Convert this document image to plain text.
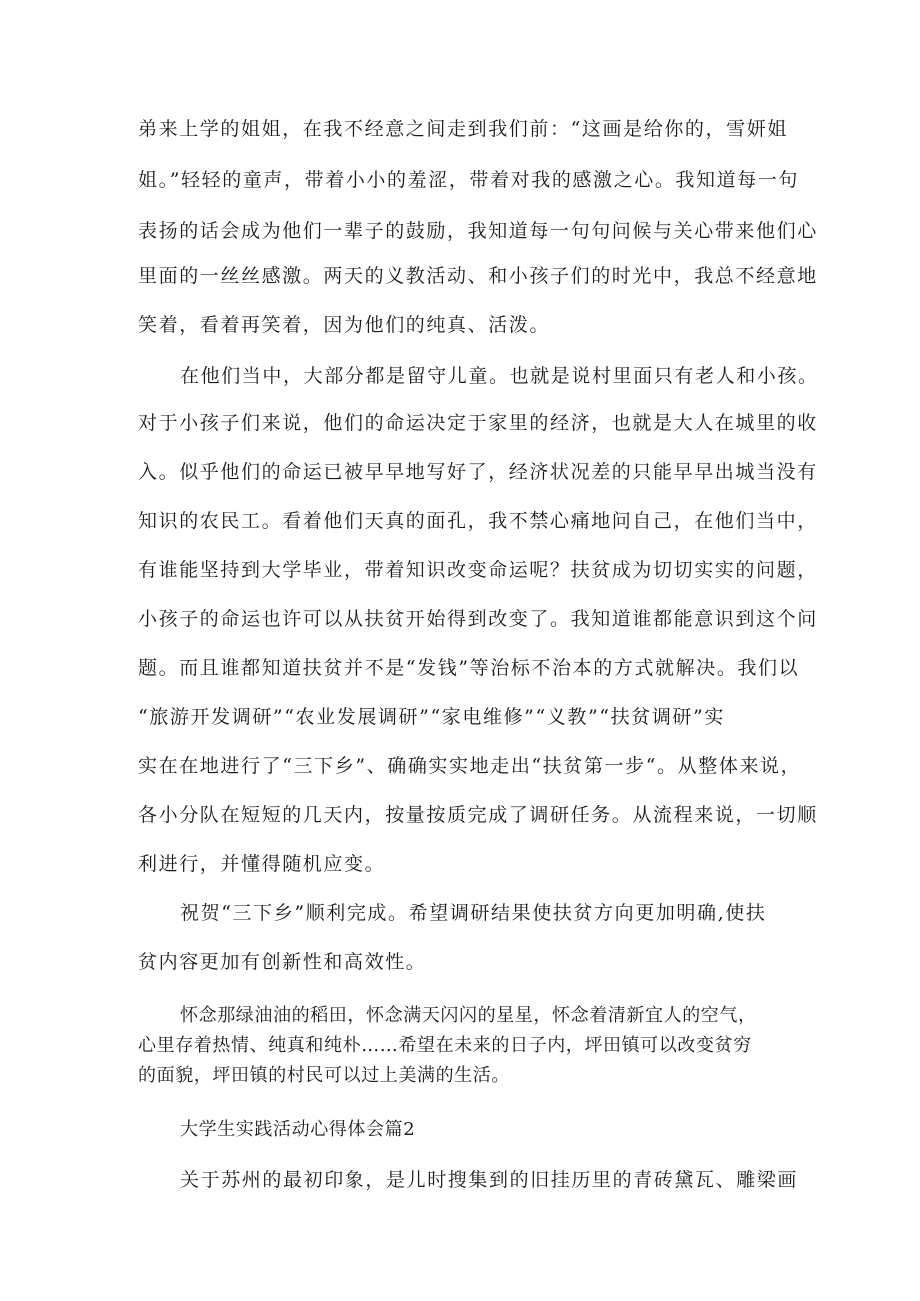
弟来上学的姐姐，在我不经意之间走到我们前：“这画是给你的，雪妍姐
姐。”轻轻的童声，带着小小的羞涩，带着对我的感激之心。我知道每一句
表扬的话会成为他们一辈子的鼓励，我知道每一句句问候与关心带来他们心
里面的一丝丝感激。两天的义教活动、和小孩子们的时光中，我总不经意地
笑着，看着再笑着，因为他们的纯真、活泼。
在他们当中，大部分都是留守儿童。也就是说村里面只有老人和小孩。
对于小孩子们来说，他们的命运决定于家里的经济，也就是大人在城里的收
入。似乎他们的命运已被早早地写好了，经济状况差的只能早早出城当没有
知识的农民工。看着他们天真的面孔，我不禁心痛地问自己，在他们当中，
有谁能坚持到大学毕业，带着知识改变命运呢？扶贫成为切切实实的问题，
小孩子的命运也许可以从扶贫开始得到改变了。我知道谁都能意识到这个问
题。而且谁都知道扶贫并不是“发钱”等治标不治本的方式就解决。我们以
“旅游开发调研”“农业发展调研”“家电维修”“义教”“扶贫调研”实
实在在地进行了“三下乡”、确确实实地走出“扶贫第一步“。从整体来说，
各小分队在短短的几天内，按量按质完成了调研任务。从流程来说，一切顺
利进行，并懂得随机应变。
祝贺“三下乡”顺利完成。希望调研结果使扶贫方向更加明确,使扶
贫内容更加有创新性和高效性。
怀念那绿油油的稻田，怀念满天闪闪的星星，怀念着清新宜人的空气，
心里存着热情、纯真和纯朴……希望在未来的日子内，坪田镇可以改变贫穷
的面貌，坪田镇的村民可以过上美满的生活。
大学生实践活动心得体会篇2
关于苏州的最初印象，是儿时搜集到的旧挂历里的青砖黛瓦、雕梁画
